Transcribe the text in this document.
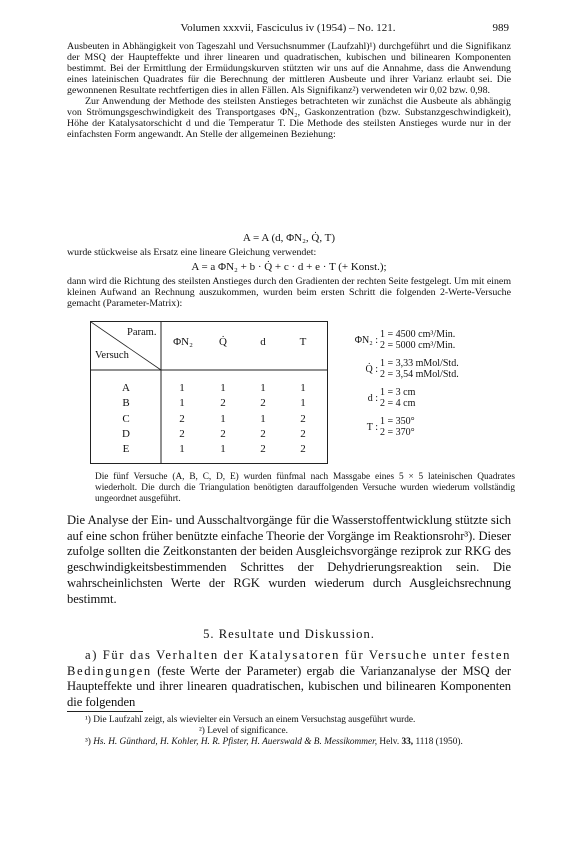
Volumen xxxvii, Fasciculus iv (1954) – No. 121.	989

Ausbeuten in Abhängigkeit von Tageszahl und Versuchsnummer (Laufzahl)¹) durchgeführt und die Signifikanz der MSQ der Haupteffekte und ihrer linearen und quadratischen, kubischen und bilinearen Komponenten bestimmt. Bei der Ermittlung der Ermüdungskurven stützten wir uns auf die Annahme, dass die Anwendung eines lateinischen Quadrates für die Berechnung der mittleren Ausbeute und ihrer Varianz erlaubt sei. Die gewonnenen Resultate rechtfertigen dies in allen Fällen. Als Signifikanz²) verwendeten wir 0,02 bzw. 0,98.

Zur Anwendung der Methode des steilsten Anstieges betrachteten wir zunächst die Ausbeute als abhängig von Strömungsgeschwindigkeit des Transportgases ΦN₂, Gaskonzentration (bzw. Substanzgeschwindigkeit), Höhe der Katalysatorschicht d und die Temperatur T. Die Methode des steilsten Anstieges wurde nur in der einfachsten Form angewandt. An Stelle der allgemeinen Beziehung:

A = A (d, ΦN₂, Q̇, T)
wurde stückweise als Ersatz eine lineare Gleichung verwendet:
A = a ΦN₂ + b · Q̇ + c · d + e · T (+ Konst.);
dann wird die Richtung des steilsten Anstieges durch den Gradienten der rechten Seite festgelegt. Um mit einem kleinen Aufwand an Rechnung auszukommen, wurden beim ersten Schritt die folgenden 2-Werte-Versuche gemacht (Parameter-Matrix):
Param.
Versuch
ΦN₂	Q̇	d	T
A	1	1	1	1
B	1	2	2	1
C	2	1	1	2
D	2	2	2	2
E	1	1	2	2
ΦN₂ : 1 = 4500 cm³/Min.
2 = 5000 cm³/Min.
Q̇ : 1 = 3,33 mMol/Std.
2 = 3,54 mMol/Std.
d : 1 = 3 cm
2 = 4 cm
T : 1 = 350°
2 = 370°
Die fünf Versuche (A, B, C, D, E) wurden fünfmal nach Massgabe eines 5 × 5 lateinischen Quadrates wiederholt. Die durch die Triangulation benötigten darauffolgenden Versuche wurden wiederum vollständig ungeordnet ausgeführt.
Die Analyse der Ein- und Ausschaltvorgänge für die Wasserstoffentwicklung stützte sich auf eine schon früher benützte einfache Theorie der Vorgänge im Reaktionsrohr³). Dieser zufolge sollten die Zeitkonstanten der beiden Ausgleichsvorgänge reziprok zur RKG des geschwindigkeitsbestimmenden Schrittes der Dehydrierungsreaktion sein. Die wahrscheinlichsten Werte der RGK wurden wiederum durch Ausgleichsrechnung bestimmt.
5. Resultate und Diskussion.
a) Für das Verhalten der Katalysatoren für Versuche unter festen Bedingungen (feste Werte der Parameter) ergab die Varianzanalyse der MSQ der Haupteffekte und ihrer linearen quadratischen, kubischen und bilinearen Komponenten die folgenden
¹) Die Laufzahl zeigt, als wievielter ein Versuch an einem Versuchstag ausgeführt wurde.
²) Level of significance.
³) Hs. H. Günthard, H. Kohler, H. R. Pfister, H. Auerswald & B. Messikommer, Helv. 33, 1118 (1950).
